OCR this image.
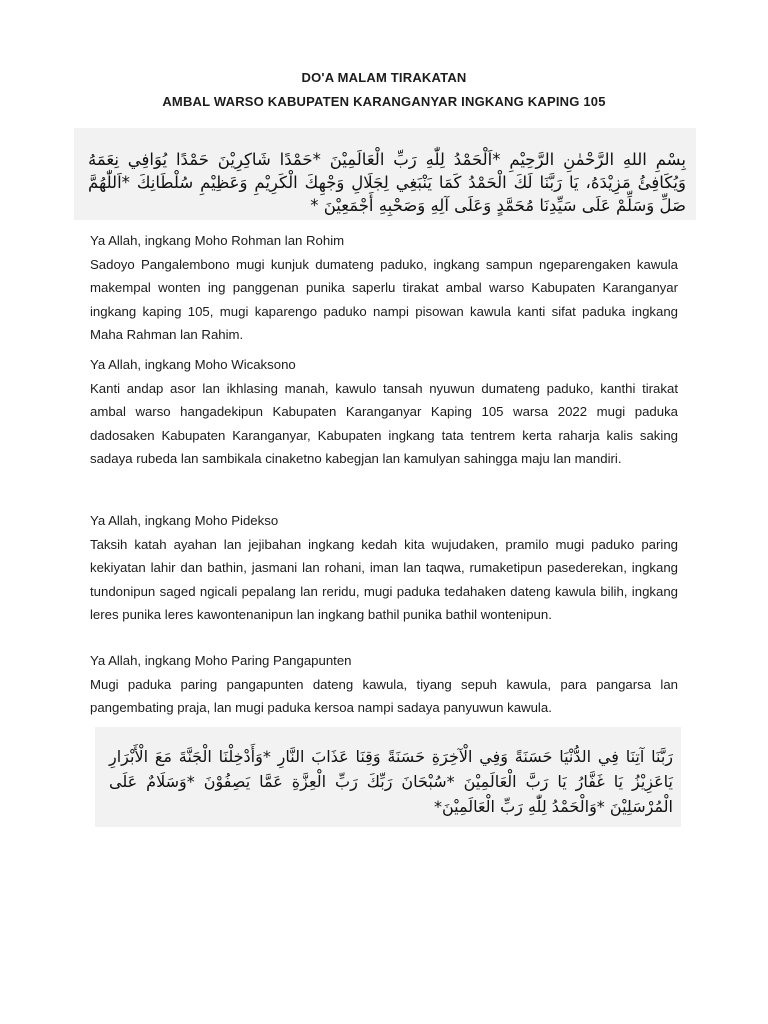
DO'A MALAM TIRAKATAN
AMBAL WARSO KABUPATEN KARANGANYAR INGKANG KAPING 105

بِسْمِ اللهِ الرَّحْمٰنِ الرَّحِيْمِ *اَلْحَمْدُ لِلّٰهِ رَبِّ الْعَالَمِيْنَ *حَمْدًا شَاكِرِيْنَ حَمْدًا يُوَافِي نِعَمَهُ وَيُكَافِئُ مَزِيْدَهُ، يَا رَبَّنَا لَكَ الْحَمْدُ كَمَا يَنْبَغِي لِجَلَالِ وَجْهِكَ الْكَرِيْمِ وَعَظِيْمِ سُلْطَانِكَ *اَللّٰهُمَّ صَلِّ وَسَلِّمْ عَلَى سَيِّدِنَا مُحَمَّدٍ وَعَلَى آلِهِ وَصَحْبِهِ أَجْمَعِيْنَ *

Ya Allah, ingkang Moho Rohman lan Rohim

Sadoyo Pangalembono mugi kunjuk dumateng paduko, ingkang sampun ngeparengaken kawula makempal wonten ing panggenan punika saperlu tirakat ambal warso Kabupaten Karanganyar ingkang kaping 105, mugi kaparengo paduko nampi pisowan kawula kanti sifat paduka ingkang Maha Rahman lan Rahim.

Ya Allah, ingkang Moho Wicaksono

Kanti andap asor lan ikhlasing manah, kawulo tansah nyuwun dumateng paduko, kanthi tirakat ambal warso hangadekipun Kabupaten Karanganyar Kaping 105 warsa 2022 mugi paduka dadosaken Kabupaten Karanganyar, Kabupaten ingkang tata tentrem kerta raharja kalis saking sadaya rubeda lan sambikala cinaketno kabegjan lan kamulyan sahingga maju lan mandiri.

Ya Allah, ingkang Moho Pidekso

Taksih katah ayahan lan jejibahan ingkang kedah kita wujudaken, pramilo mugi paduko paring kekiyatan lahir dan bathin, jasmani lan rohani, iman lan taqwa, rumaketipun pasederekan, ingkang tundonipun saged ngicali pepalang lan reridu, mugi paduka tedahaken dateng kawula bilih, ingkang leres punika leres kawontenanipun lan ingkang bathil punika bathil wontenipun.

Ya Allah, ingkang Moho Paring Pangapunten

Mugi paduka paring pangapunten dateng kawula, tiyang sepuh kawula, para pangarsa lan pangembating praja, lan mugi paduka kersoa nampi sadaya panyuwun kawula.

رَبَّنَا آتِنَا فِي الدُّنْيَا حَسَنَةً وَفِي الْآخِرَةِ حَسَنَةً وَقِنَا عَذَابَ النَّارِ *وَأَدْخِلْنَا الْجَنَّةَ مَعَ الْأَبْرَارِ يَاعَزِيْزُ يَا غَفَّارُ يَا رَبَّ الْعَالَمِيْنَ *سُبْحَانَ رَبِّكَ رَبِّ الْعِزَّةِ عَمَّا يَصِفُوْنَ *وَسَلَامٌ عَلَى الْمُرْسَلِيْنَ *وَالْحَمْدُ لِلّٰهِ رَبِّ الْعَالَمِيْنَ*
